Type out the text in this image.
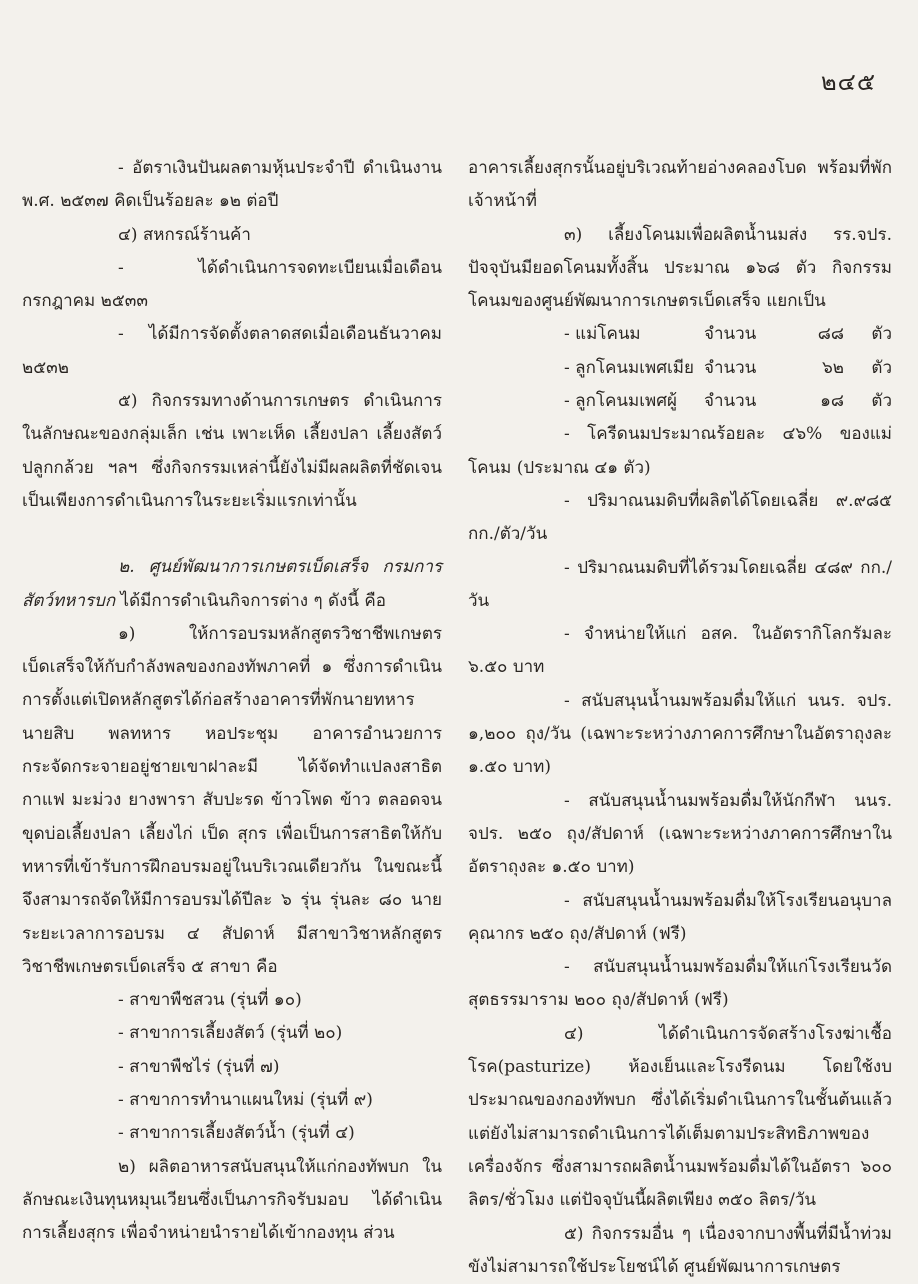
๒๔๕

- อัตราเงินปันผลตามหุ้นประจำปี ดำเนินงาน พ.ศ. ๒๕๓๗ คิดเป็นร้อยละ ๑๒ ต่อปี

๔) สหกรณ์ร้านค้า

- ได้ดำเนินการจดทะเบียนเมื่อเดือนกรกฎาคม ๒๕๓๓

- ได้มีการจัดตั้งตลาดสดเมื่อเดือนธันวาคม ๒๕๓๒

๕) กิจกรรมทางด้านการเกษตร ดำเนินการในลักษณะของกลุ่มเล็ก เช่น เพาะเห็ด เลี้ยงปลา เลี้ยงสัตว์ ปลูกกล้วย ฯลฯ ซึ่งกิจกรรมเหล่านี้ยังไม่มีผลผลิตที่ชัดเจน เป็นเพียงการดำเนินการในระยะเริ่มแรกเท่านั้น

๒. ศูนย์พัฒนาการเกษตรเบ็ดเสร็จ กรมการสัตว์ทหารบก ได้มีการดำเนินกิจการต่าง ๆ ดังนี้ คือ

๑) ให้การอบรมหลักสูตรวิชาชีพเกษตรเบ็ดเสร็จให้กับกำลังพลของกองทัพภาคที่ ๑ ซึ่งการดำเนินการตั้งแต่เปิดหลักสูตรได้ก่อสร้างอาคารที่พักนายทหาร นายสิบ พลทหาร หอประชุม อาคารอำนวยการ กระจัดกระจายอยู่ชายเขาฝาละมี ได้จัดทำแปลงสาธิต กาแฟ มะม่วง ยางพารา สับปะรด ข้าวโพด ข้าว ตลอดจนขุดบ่อเลี้ยงปลา เลี้ยงไก่ เป็ด สุกร เพื่อเป็นการสาธิตให้กับทหารที่เข้ารับการฝึกอบรมอยู่ในบริเวณเดียวกัน ในขณะนี้จึงสามารถจัดให้มีการอบรมได้ปีละ ๖ รุ่น รุ่นละ ๘๐ นาย ระยะเวลาการอบรม ๔ สัปดาห์ มีสาขาวิชาหลักสูตรวิชาชีพเกษตรเบ็ดเสร็จ ๕ สาขา คือ

- สาขาพืชสวน (รุ่นที่ ๑๐)

- สาขาการเลี้ยงสัตว์ (รุ่นที่ ๒๐)

- สาขาพืชไร่ (รุ่นที่ ๗)

- สาขาการทำนาแผนใหม่ (รุ่นที่ ๙)

- สาขาการเลี้ยงสัตว์น้ำ (รุ่นที่ ๔)

๒) ผลิตอาหารสนับสนุนให้แก่กองทัพบก ในลักษณะเงินทุนหมุนเวียนซึ่งเป็นภารกิจรับมอบ ได้ดำเนินการเลี้ยงสุกร เพื่อจำหน่ายนำรายได้เข้ากองทุน ส่วน

อาคารเลี้ยงสุกรนั้นอยู่บริเวณท้ายอ่างคลองโบด พร้อมที่พักเจ้าหน้าที่

๓) เลี้ยงโคนมเพื่อผลิตน้ำนมส่ง รร.จปร. ปัจจุบันมียอดโคนมทั้งสิ้น ประมาณ ๑๖๘ ตัว กิจกรรมโคนมของศูนย์พัฒนาการเกษตรเบ็ดเสร็จ แยกเป็น

- แม่โคนม	จำนวน	๘๘	ตัว
- ลูกโคนมเพศเมีย จำนวน	๖๒	ตัว
- ลูกโคนมเพศผู้	จำนวน	๑๘	ตัว

- โครีดนมประมาณร้อยละ ๔๖% ของแม่โคนม (ประมาณ ๔๑ ตัว)

- ปริมาณนมดิบที่ผลิตได้โดยเฉลี่ย ๙.๙๘๕ กก./ตัว/วัน

- ปริมาณนมดิบที่ได้รวมโดยเฉลี่ย ๔๘๙ กก./วัน

- จำหน่ายให้แก่ อสค. ในอัตรากิโลกรัมละ ๖.๕๐ บาท

- สนับสนุนน้ำนมพร้อมดื่มให้แก่ นนร. จปร. ๑,๒๐๐ ถุง/วัน (เฉพาะระหว่างภาคการศึกษาในอัตราถุงละ ๑.๕๐ บาท)

- สนับสนุนน้ำนมพร้อมดื่มให้นักกีฬา นนร. จปร. ๒๕๐ ถุง/สัปดาห์ (เฉพาะระหว่างภาคการศึกษาในอัตราถุงละ ๑.๕๐ บาท)

- สนับสนุนน้ำนมพร้อมดื่มให้โรงเรียนอนุบาลคุณากร ๒๕๐ ถุง/สัปดาห์ (ฟรี)

- สนับสนุนน้ำนมพร้อมดื่มให้แก่โรงเรียนวัดสุตธรรมาราม ๒๐๐ ถุง/สัปดาห์ (ฟรี)

๔) ได้ดำเนินการจัดสร้างโรงฆ่าเชื้อโรค(pasturize) ห้องเย็นและโรงรีดนม โดยใช้งบประมาณของกองทัพบก ซึ่งได้เริ่มดำเนินการในชั้นต้นแล้ว แต่ยังไม่สามารถดำเนินการได้เต็มตามประสิทธิภาพของเครื่องจักร ซึ่งสามารถผลิตน้ำนมพร้อมดื่มได้ในอัตรา ๖๐๐ ลิตร/ชั่วโมง แต่ปัจจุบันนี้ผลิตเพียง ๓๕๐ ลิตร/วัน

๕) กิจกรรมอื่น ๆ เนื่องจากบางพื้นที่มีน้ำท่วมขังไม่สามารถใช้ประโยชน์ได้ ศูนย์พัฒนาการเกษตร
